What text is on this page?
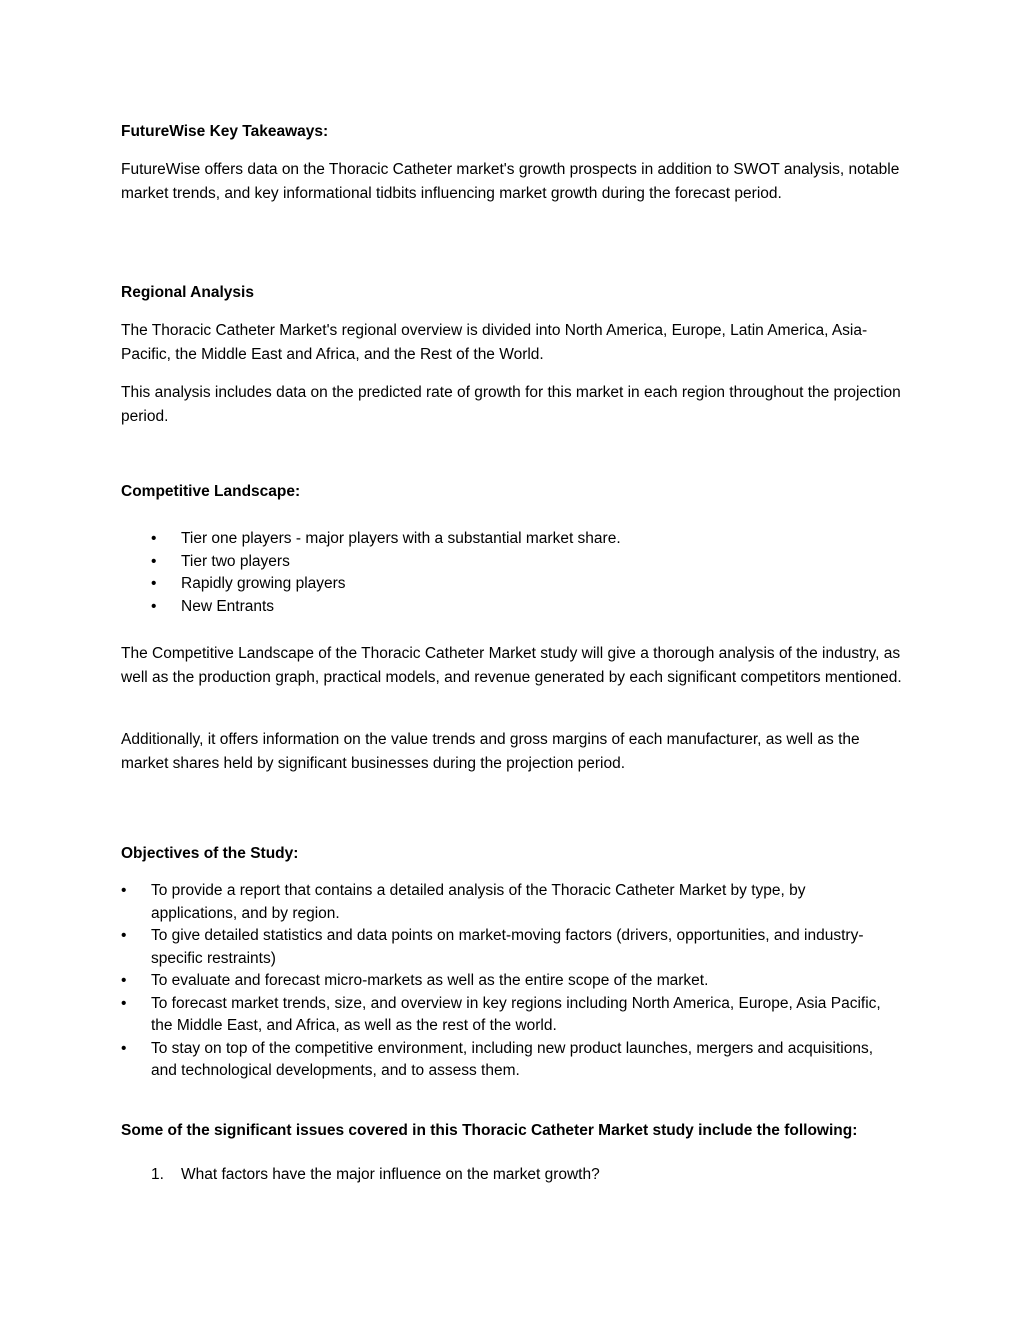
FutureWise Key Takeaways:
FutureWise offers data on the Thoracic Catheter market's growth prospects in addition to SWOT analysis, notable market trends, and key informational tidbits influencing market growth during the forecast period.
Regional Analysis
The Thoracic Catheter Market's regional overview is divided into North America, Europe, Latin America, Asia-Pacific, the Middle East and Africa, and the Rest of the World.
This analysis includes data on the predicted rate of growth for this market in each region throughout the projection period.
Competitive Landscape:
• Tier one players - major players with a substantial market share.
• Tier two players
• Rapidly growing players
• New Entrants
The Competitive Landscape of the Thoracic Catheter Market study will give a thorough analysis of the industry, as well as the production graph, practical models, and revenue generated by each significant competitors mentioned.
Additionally, it offers information on the value trends and gross margins of each manufacturer, as well as the market shares held by significant businesses during the projection period.
Objectives of the Study:
• To provide a report that contains a detailed analysis of the Thoracic Catheter Market by type, by applications, and by region.
• To give detailed statistics and data points on market-moving factors (drivers, opportunities, and industry-specific restraints)
• To evaluate and forecast micro-markets as well as the entire scope of the market.
• To forecast market trends, size, and overview in key regions including North America, Europe, Asia Pacific, the Middle East, and Africa, as well as the rest of the world.
• To stay on top of the competitive environment, including new product launches, mergers and acquisitions, and technological developments, and to assess them.
Some of the significant issues covered in this Thoracic Catheter Market study include the following:
1. What factors have the major influence on the market growth?
